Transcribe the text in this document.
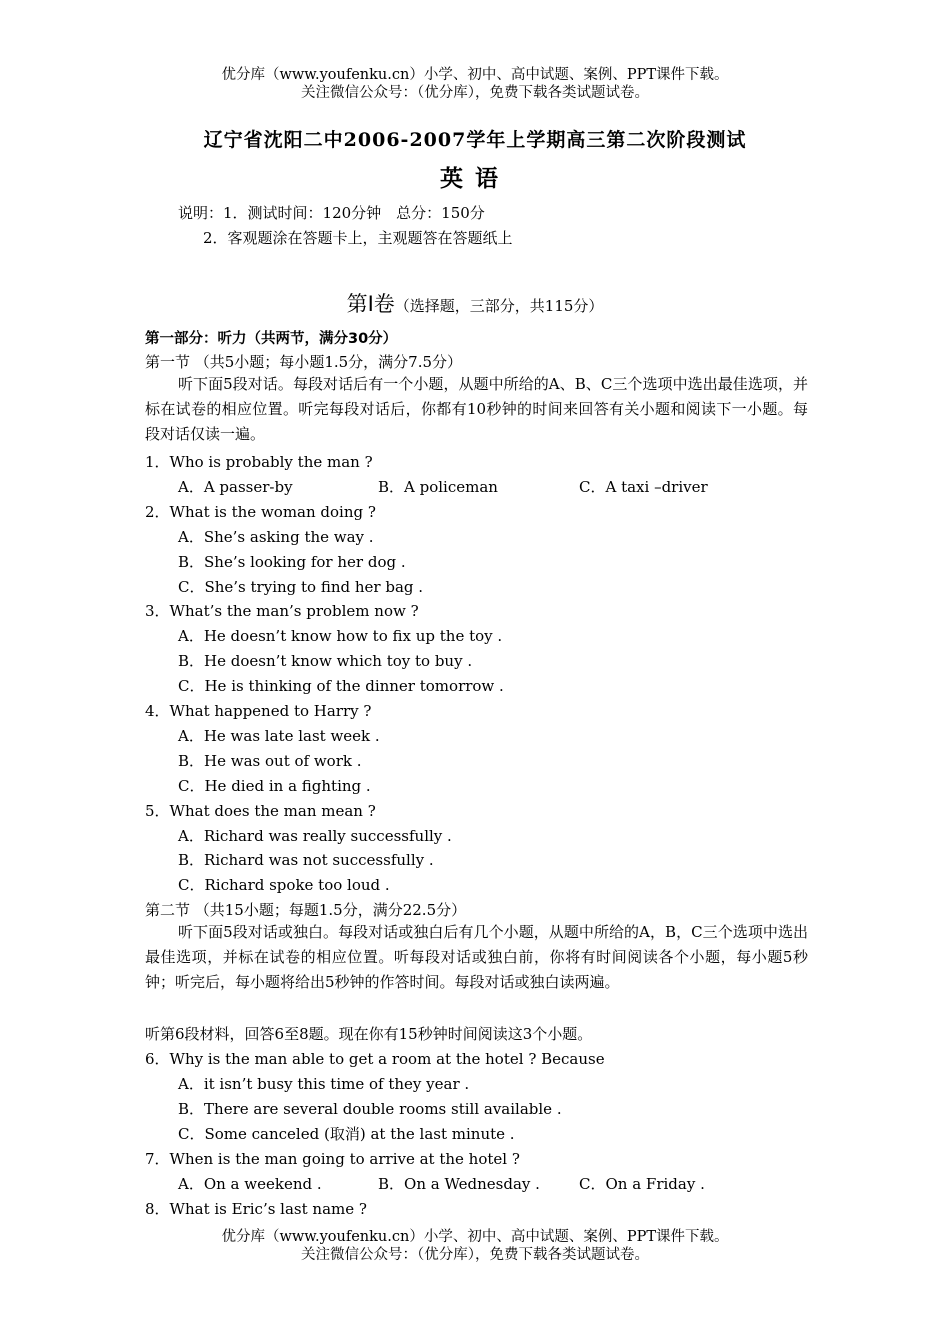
优分库（www.youfenku.cn）小学、初中、高中试题、案例、PPT课件下载。
关注微信公众号：（优分库），免费下载各类试题试卷。
辽宁省沈阳二中2006-2007学年上学期高三第二次阶段测试
英语
说明：1．测试时间：120分钟　总分：150分
2．客观题涂在答题卡上，主观题答在答题纸上
第Ⅰ卷（选择题，三部分，共115分）
第一部分：听力（共两节，满分30分）
第一节 （共5小题；每小题1.5分，满分7.5分）

听下面5段对话。每段对话后有一个小题，从题中所给的A、B、C三个选项中选出最佳选项，并标在试卷的相应位置。听完每段对话后，你都有10秒钟的时间来回答有关小题和阅读下一小题。每段对话仅读一遍。

1．Who is probably the man ?
A．A passer-by	B．A policeman	C．A taxi –driver
2．What is the woman doing ?
A．She’s asking the way .
B．She’s looking for her dog .
C．She’s trying to find her bag .
3．What’s the man’s problem now ?
A．He doesn’t know how to fix up the toy .
B．He doesn’t know which toy to buy .
C．He is thinking of the dinner tomorrow .
4．What happened to Harry ?
A．He was late last week .
B．He was out of work .
C．He died in a fighting .
5．What does the man mean ?
A．Richard was really successfully .
B．Richard was not successfully .
C．Richard spoke too loud .
第二节 （共15小题；每题1.5分，满分22.5分）

听下面5段对话或独白。每段对话或独白后有几个小题，从题中所给的A，B，C三个选项中选出最佳选项，并标在试卷的相应位置。听每段对话或独白前，你将有时间阅读各个小题，每小题5秒钟；听完后，每小题将给出5秒钟的作答时间。每段对话或独白读两遍。

听第6段材料，回答6至8题。现在你有15秒钟时间阅读这3个小题。
6．Why is the man able to get a room at the hotel ? Because
A．it isn’t busy this time of they year .
B．There are several double rooms still available .
C．Some canceled (取消) at the last minute .
7．When is the man going to arrive at the hotel ?
A．On a weekend .	B．On a Wednesday .	C．On a Friday .
8．What is Eric’s last name ?
优分库（www.youfenku.cn）小学、初中、高中试题、案例、PPT课件下载。
关注微信公众号：（优分库），免费下载各类试题试卷。
